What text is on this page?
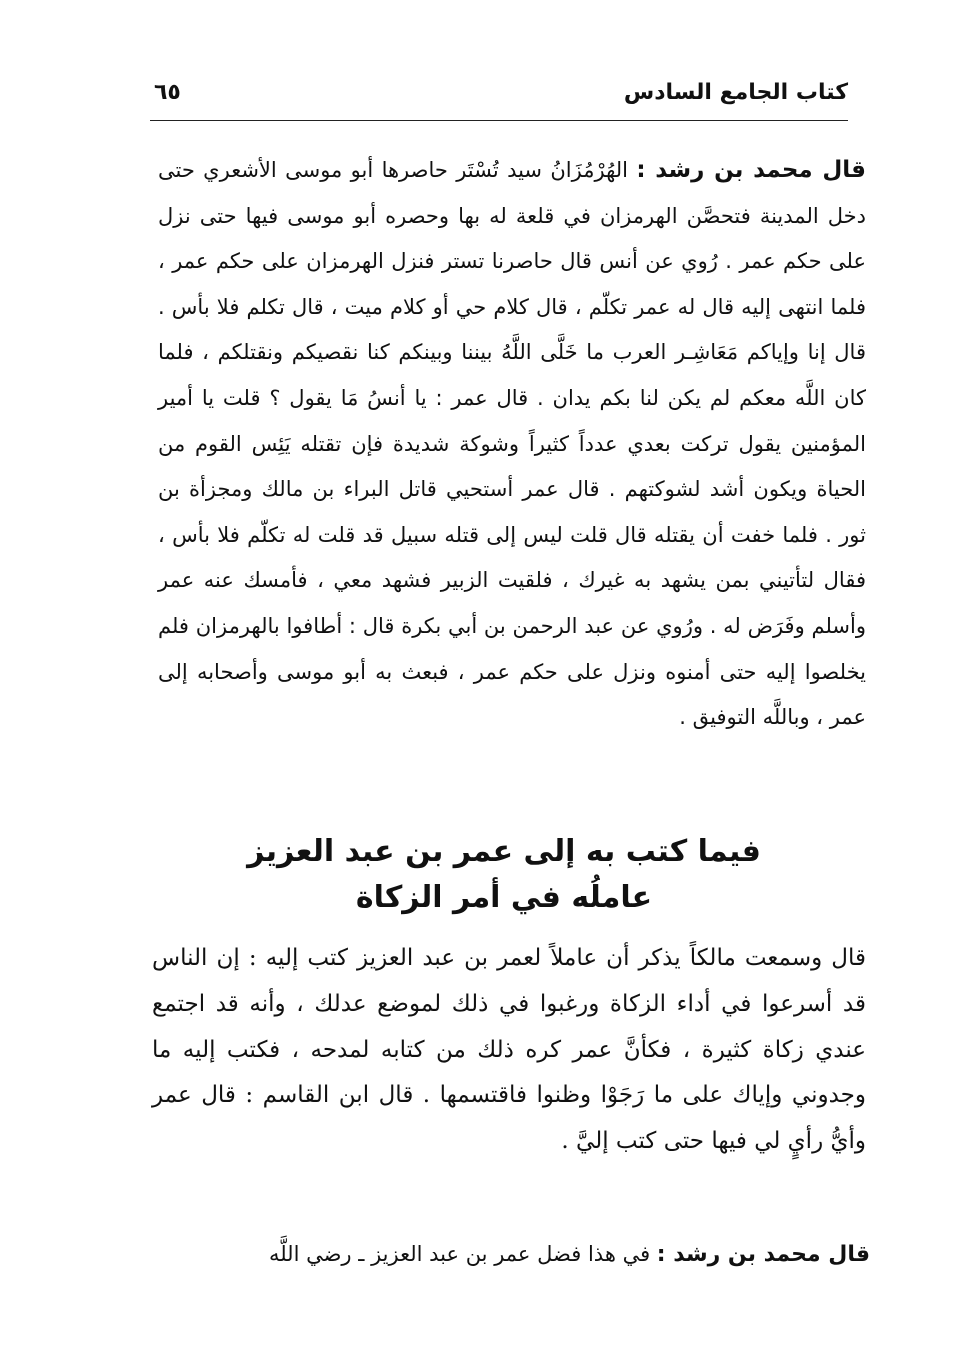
كتاب الجامع السادس
٦٥
قال محمد بن رشد : الهُرْمُزَانُ سيد تُسْتَر حاصرها أبو موسى الأشعري حتى دخل المدينة فتحصَّن الهرمزان في قلعة له بها وحصره أبو موسى فيها حتى نزل على حكم عمر . رُوي عن أنس قال حاصرنا تستر فنزل الهرمزان على حكم عمر ، فلما انتهى إليه قال له عمر تكلّم ، قال كلام حي أو كلام ميت ، قال تكلم فلا بأس . قال إنا وإياكم مَعَاشِـر العرب ما خَلَّى اللَّهُ بيننا وبينكم كنا نقصيكم ونقتلكم ، فلما كان اللَّه معكم لم يكن لنا بكم يدان . قال عمر : يا أنسُ مَا يقول ؟ قلت يا أمير المؤمنين يقول تركت بعدي عدداً كثيراً وشوكة شديدة فإن تقتله يَئِس القوم من الحياة ويكون أشد لشوكتهم . قال عمر أستحيي قاتل البراء بن مالك ومجزأة بن ثور . فلما خفت أن يقتله قال قلت ليس إلى قتله سبيل قد قلت له تكلّم فلا بأس ، فقال لتأتيني بمن يشهد به غيرك ، فلقيت الزبير فشهد معي ، فأمسك عنه عمر وأسلم وفَرَض له . ورُوي عن عبد الرحمن بن أبي بكرة قال : أطافوا بالهرمزان فلم يخلصوا إليه حتى أمنوه ونزل على حكم عمر ، فبعث به أبو موسى وأصحابه إلى عمر ، وباللَّه التوفيق .
فيما كتب به إلى عمر بن عبد العزيز
عاملُه في أمر الزكاة
قال وسمعت مالكاً يذكر أن عاملاً لعمر بن عبد العزيز كتب إليه : إن الناس قد أسرعوا في أداء الزكاة ورغبوا في ذلك لموضع عدلك ، وأنه قد اجتمع عندي زكاة كثيرة ، فكأنَّ عمر كره ذلك من كتابه لمدحه ، فكتب إليه ما وجدوني وإياك على ما رَجَوْا وظنوا فاقتسمها . قال ابن القاسم : قال عمر وأيُّ رأيٍ لي فيها حتى كتب إليَّ .
قال محمد بن رشد : في هذا فضل عمر بن عبد العزيز ـ رضي اللَّه
